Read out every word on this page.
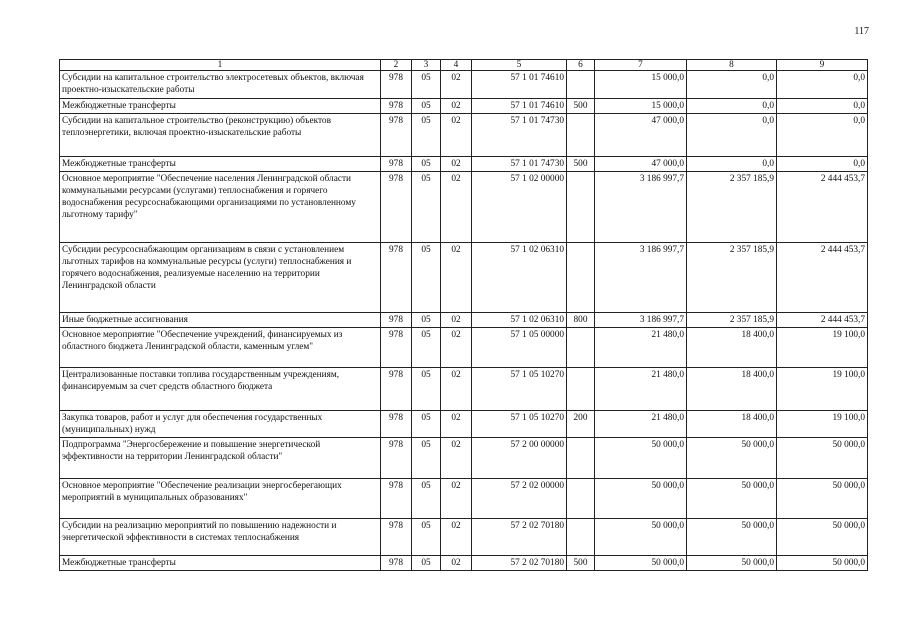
117
1	2	3	4	5	6	7	8	9
Субсидии на капитальное строительство электросетевых объектов, включая проектно-изыскательские работы	978	05	02	57 1 01 74610		15 000,0	0,0	0,0
Межбюджетные трансферты	978	05	02	57 1 01 74610	500	15 000,0	0,0	0,0
Субсидии на капитальное строительство (реконструкцию) объектов теплоэнергетики, включая проектно-изыскательские работы	978	05	02	57 1 01 74730		47 000,0	0,0	0,0
Межбюджетные трансферты	978	05	02	57 1 01 74730	500	47 000,0	0,0	0,0
Основное мероприятие "Обеспечение населения Ленинградской области коммунальными ресурсами (услугами) теплоснабжения и горячего водоснабжения ресурсоснабжающими организациями по установленному льготному тарифу"	978	05	02	57 1 02 00000		3 186 997,7	2 357 185,9	2 444 453,7
Субсидии ресурсоснабжающим организациям в связи с установлением льготных тарифов на коммунальные ресурсы (услуги) теплоснабжения и горячего водоснабжения, реализуемые населению на территории Ленинградской области	978	05	02	57 1 02 06310		3 186 997,7	2 357 185,9	2 444 453,7
Иные бюджетные ассигнования	978	05	02	57 1 02 06310	800	3 186 997,7	2 357 185,9	2 444 453,7
Основное мероприятие "Обеспечение учреждений, финансируемых из областного бюджета Ленинградской области, каменным углем"	978	05	02	57 1 05 00000		21 480,0	18 400,0	19 100,0
Централизованные поставки топлива государственным учреждениям, финансируемым за счет средств областного бюджета	978	05	02	57 1 05 10270		21 480,0	18 400,0	19 100,0
Закупка товаров, работ и услуг для обеспечения государственных (муниципальных) нужд	978	05	02	57 1 05 10270	200	21 480,0	18 400,0	19 100,0
Подпрограмма "Энергосбережение и повышение энергетической эффективности на территории Ленинградской области"	978	05	02	57 2 00 00000		50 000,0	50 000,0	50 000,0
Основное мероприятие "Обеспечение реализации энергосберегающих мероприятий в муниципальных образованиях"	978	05	02	57 2 02 00000		50 000,0	50 000,0	50 000,0
Субсидии на реализацию мероприятий по повышению надежности и энергетической эффективности в системах теплоснабжения	978	05	02	57 2 02 70180		50 000,0	50 000,0	50 000,0
Межбюджетные трансферты	978	05	02	57 2 02 70180	500	50 000,0	50 000,0	50 000,0
